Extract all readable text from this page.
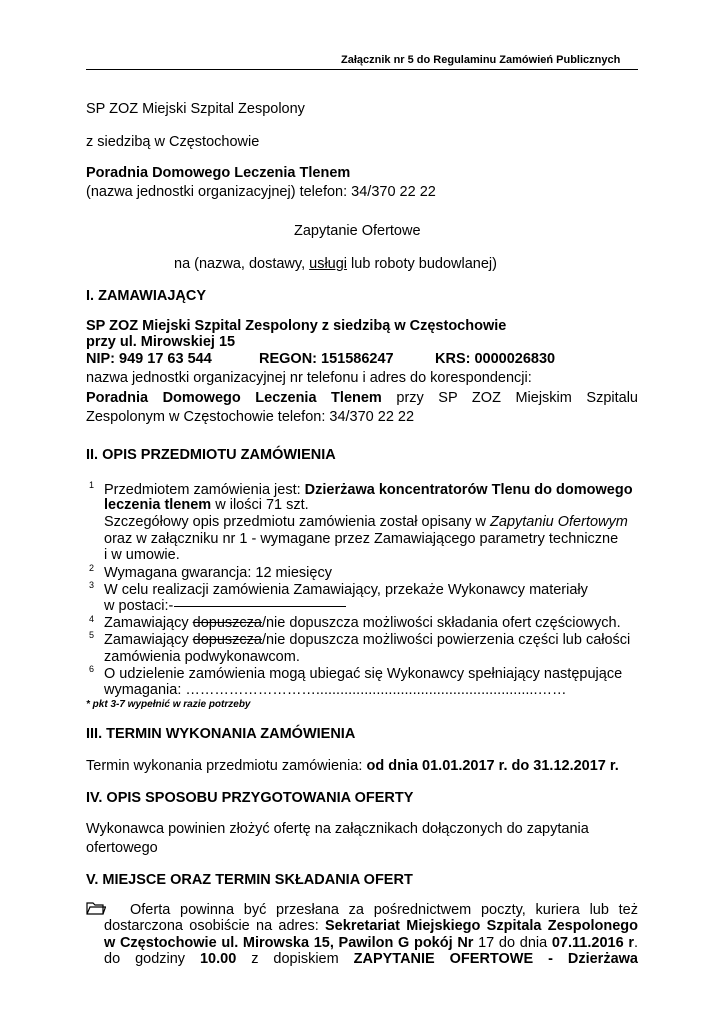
Załącznik nr 5 do Regulaminu Zamówień Publicznych
SP ZOZ Miejski Szpital Zespolony
z siedzibą w Częstochowie
Poradnia Domowego Leczenia Tlenem
(nazwa jednostki organizacyjnej) telefon: 34/370 22 22
Zapytanie Ofertowe
na (nazwa, dostawy, usługi lub roboty budowlanej)
I. ZAMAWIAJĄCY
SP ZOZ Miejski Szpital Zespolony z siedzibą w Częstochowie
przy ul. Mirowskiej 15
NIP: 949 17 63 544	REGON: 151586247	KRS: 0000026830
nazwa jednostki organizacyjnej nr telefonu i adres do korespondencji:
Poradnia Domowego Leczenia Tlenem przy SP ZOZ Miejskim Szpitalu
Zespolonym w Częstochowie telefon: 34/370 22 22
II. OPIS PRZEDMIOTU ZAMÓWIENIA
1 Przedmiotem zamówienia jest: Dzierżawa koncentratorów Tlenu do domowego
leczenia tlenem w ilości 71 szt.
Szczegółowy opis przedmiotu zamówienia został opisany w Zapytaniu Ofertowym
oraz w załączniku nr 1 - wymagane przez Zamawiającego parametry techniczne
i w umowie.
2 Wymagana gwarancja: 12 miesięcy
3 W celu realizacji zamówienia Zamawiający, przekaże Wykonawcy materiały
w postaci:-
4 Zamawiający dopuszcza/nie dopuszcza możliwości składania ofert częściowych.
5 Zamawiający dopuszcza/nie dopuszcza możliwości powierzenia części lub całości
zamówienia podwykonawcom.
6 O udzielenie zamówienia mogą ubiegać się Wykonawcy spełniający następujące
wymagania: ……………………….......................................................……
* pkt 3-7 wypełnić w razie potrzeby
III. TERMIN WYKONANIA ZAMÓWIENIA
Termin wykonania przedmiotu zamówienia: od dnia 01.01.2017 r. do 31.12.2017 r.
IV. OPIS SPOSOBU PRZYGOTOWANIA OFERTY
Wykonawca powinien złożyć ofertę na załącznikach dołączonych do zapytania
ofertowego
V. MIEJSCE ORAZ TERMIN SKŁADANIA OFERT
Oferta powinna być przesłana za pośrednictwem poczty, kuriera lub też
dostarczona osobiście na adres: Sekretariat Miejskiego Szpitala Zespolonego
w Częstochowie ul. Mirowska 15, Pawilon G pokój Nr 17 do dnia 07.11.2016 r.
do godziny 10.00 z dopiskiem ZAPYTANIE OFERTOWE - Dzierżawa
